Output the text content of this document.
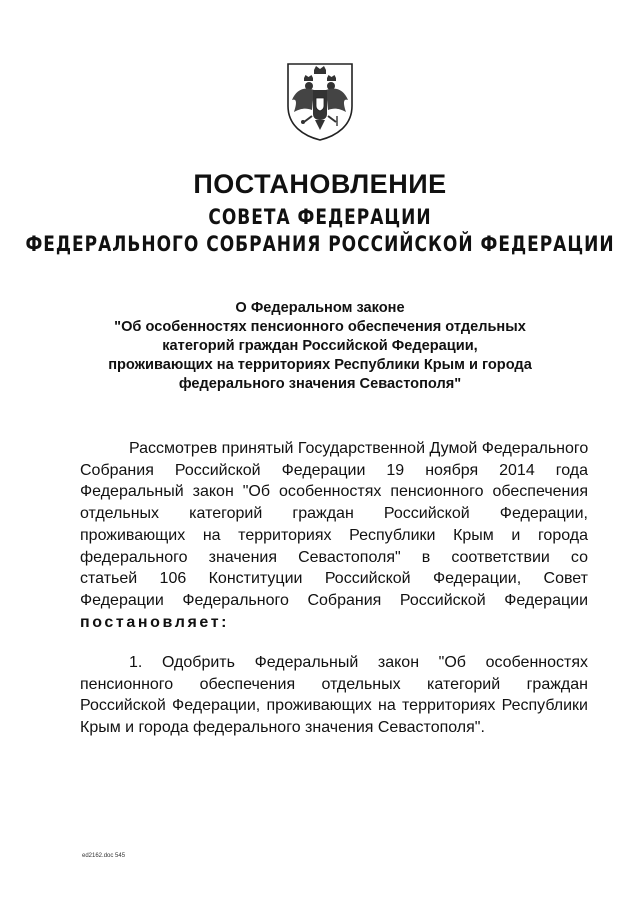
ПОСТАНОВЛЕНИЕ
СОВЕТА ФЕДЕРАЦИИ
ФЕДЕРАЛЬНОГО СОБРАНИЯ РОССИЙСКОЙ ФЕДЕРАЦИИ
О Федеральном законе
"Об особенностях пенсионного обеспечения отдельных
категорий граждан Российской Федерации,
проживающих на территориях Республики Крым и города
федерального значения Севастополя"
Рассмотрев принятый Государственной Думой Федерального
Собрания Российской Федерации 19 ноября 2014 года
Федеральный закон "Об особенностях пенсионного обеспечения
отдельных категорий граждан Российской Федерации,
проживающих на территориях Республики Крым и города
федерального значения Севастополя" в соответствии со
статьей 106 Конституции Российской Федерации, Совет
Федерации Федерального Собрания Российской Федерации
постановляет:
1. Одобрить Федеральный закон "Об особенностях
пенсионного обеспечения отдельных категорий граждан
Российской Федерации, проживающих на территориях Республики
Крым и города федерального значения Севастополя".
ed2162.doc 545
